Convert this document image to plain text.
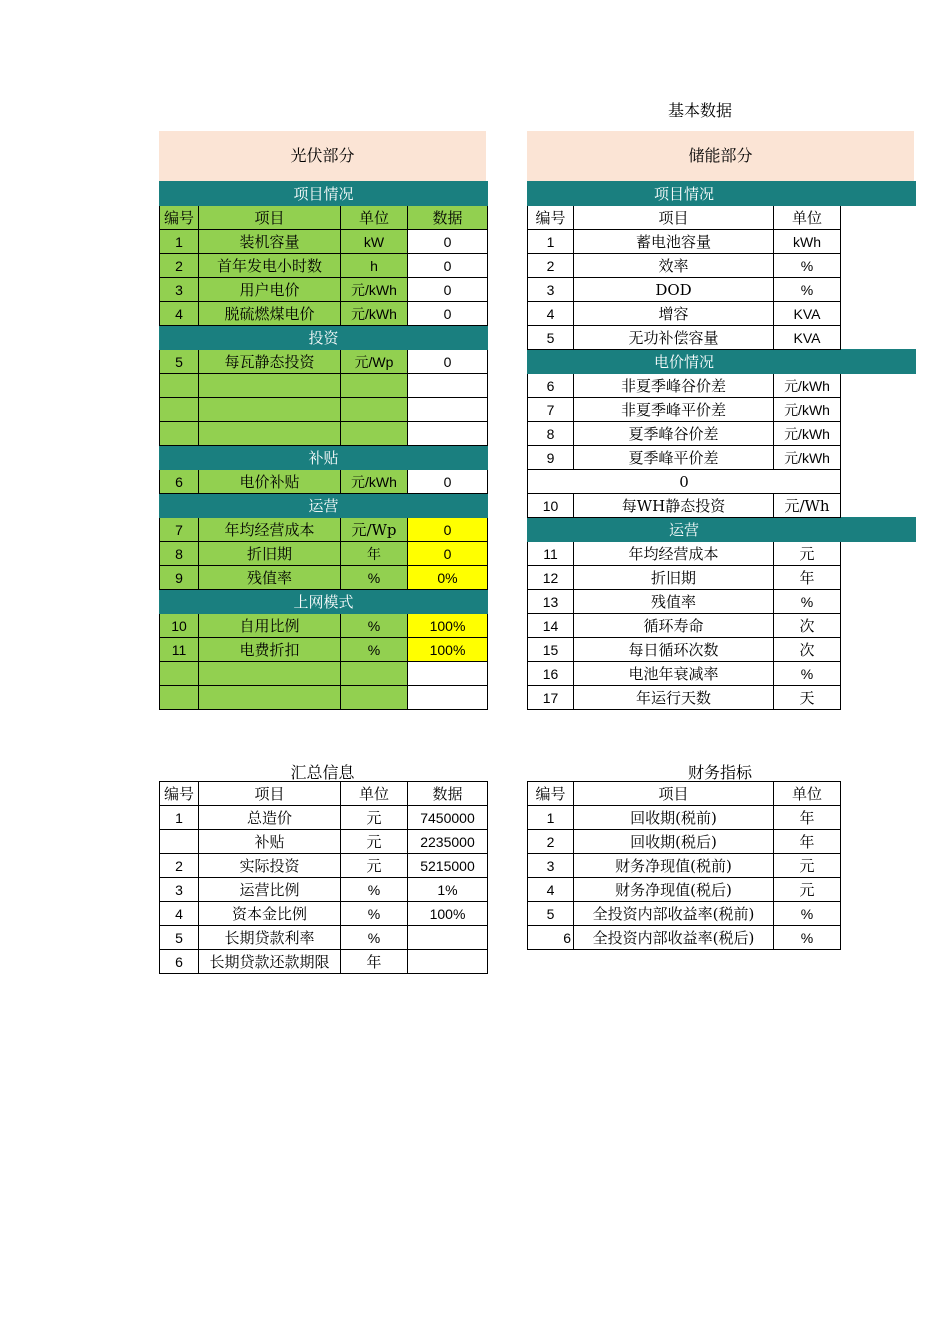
基本数据
光伏部分	储能部分
项目情况			
编号	项目	单位	数据
1	装机容量	kW	0
2	首年发电小时数	h	0
3	用户电价	元/kWh	0
4	脱硫燃煤电价	元/kWh	0
投资			
5	每瓦静态投资	元/Wp	0

补贴			
6	电价补贴	元/kWh	0
运营			
7	年均经营成本	元/Wp	0
8	折旧期	年	0
9	残值率	%	0%
上网模式			
10	自用比例	%	100%
11	电费折扣	%	100%

项目情况			
编号	项目	单位	
1	蓄电池容量	kWh	
2	效率	%	
3	DOD	%	
4	增容	KVA	
5	无功补偿容量	KVA	
电价情况			
6	非夏季峰谷价差	元/kWh	
7	非夏季峰平价差	元/kWh	
8	夏季峰谷价差	元/kWh	
9	夏季峰平价差	元/kWh	
0			
10	每WH静态投资	元/Wh	
运营			
11	年均经营成本	元	
12	折旧期	年	
13	残值率	%	
14	循环寿命	次	
15	每日循环次数	次	
16	电池年衰减率	%	
17	年运行天数	天	
汇总信息	财务指标
编号	项目	单位	数据
1	总造价	元	7450000
	补贴	元	2235000
2	实际投资	元	5215000
3	运营比例	%	1%
4	资本金比例	%	100%
5	长期贷款利率	%	
6	长期贷款还款期限	年	
编号	项目	单位
1	回收期(税前)	年
2	回收期(税后)	年
3	财务净现值(税前)	元
4	财务净现值(税后)	元
5	全投资内部收益率(税前)	%
6	全投资内部收益率(税后)	%
